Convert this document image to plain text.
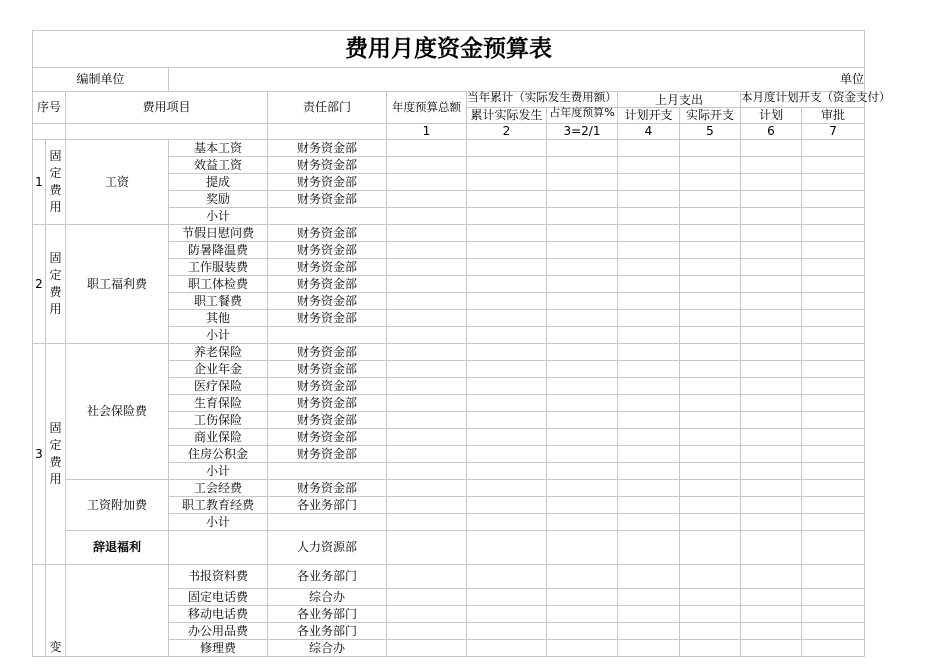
费用月度资金预算表											
编制单位			单位								
序号		费用项目		责任部门	年度预算总额	当年累计（实际发生费用额）		上月支出		本月度计划开支（资金支付）	
						累计实际发生	占年度预算%	计划开支	实际开支	计划	审批
					1	2	3=2/1	4	5	6	7
1	固定费用	工资	基本工资	财务资金部							
			效益工资	财务资金部							
			提成	财务资金部							
			奖励	财务资金部							
			小计								
2	固定费用	职工福利费	节假日慰问费	财务资金部							
			防暑降温费	财务资金部							
			工作服装费	财务资金部							
			职工体检费	财务资金部							
			职工餐费	财务资金部							
			其他	财务资金部							
			小计								
3	固定费用	社会保险费	养老保险	财务资金部							
			企业年金	财务资金部							
			医疗保险	财务资金部							
			生育保险	财务资金部							
			工伤保险	财务资金部							
			商业保险	财务资金部							
			住房公积金	财务资金部							
			小计								
		工资附加费	工会经费	财务资金部							
			职工教育经费	各业务部门							
			小计								
		辞退福利		人力资源部							
	变		书报资料费	各业务部门							
			固定电话费	综合办							
			移动电话费	各业务部门							
			办公用品费	各业务部门							
			修理费	综合办							
